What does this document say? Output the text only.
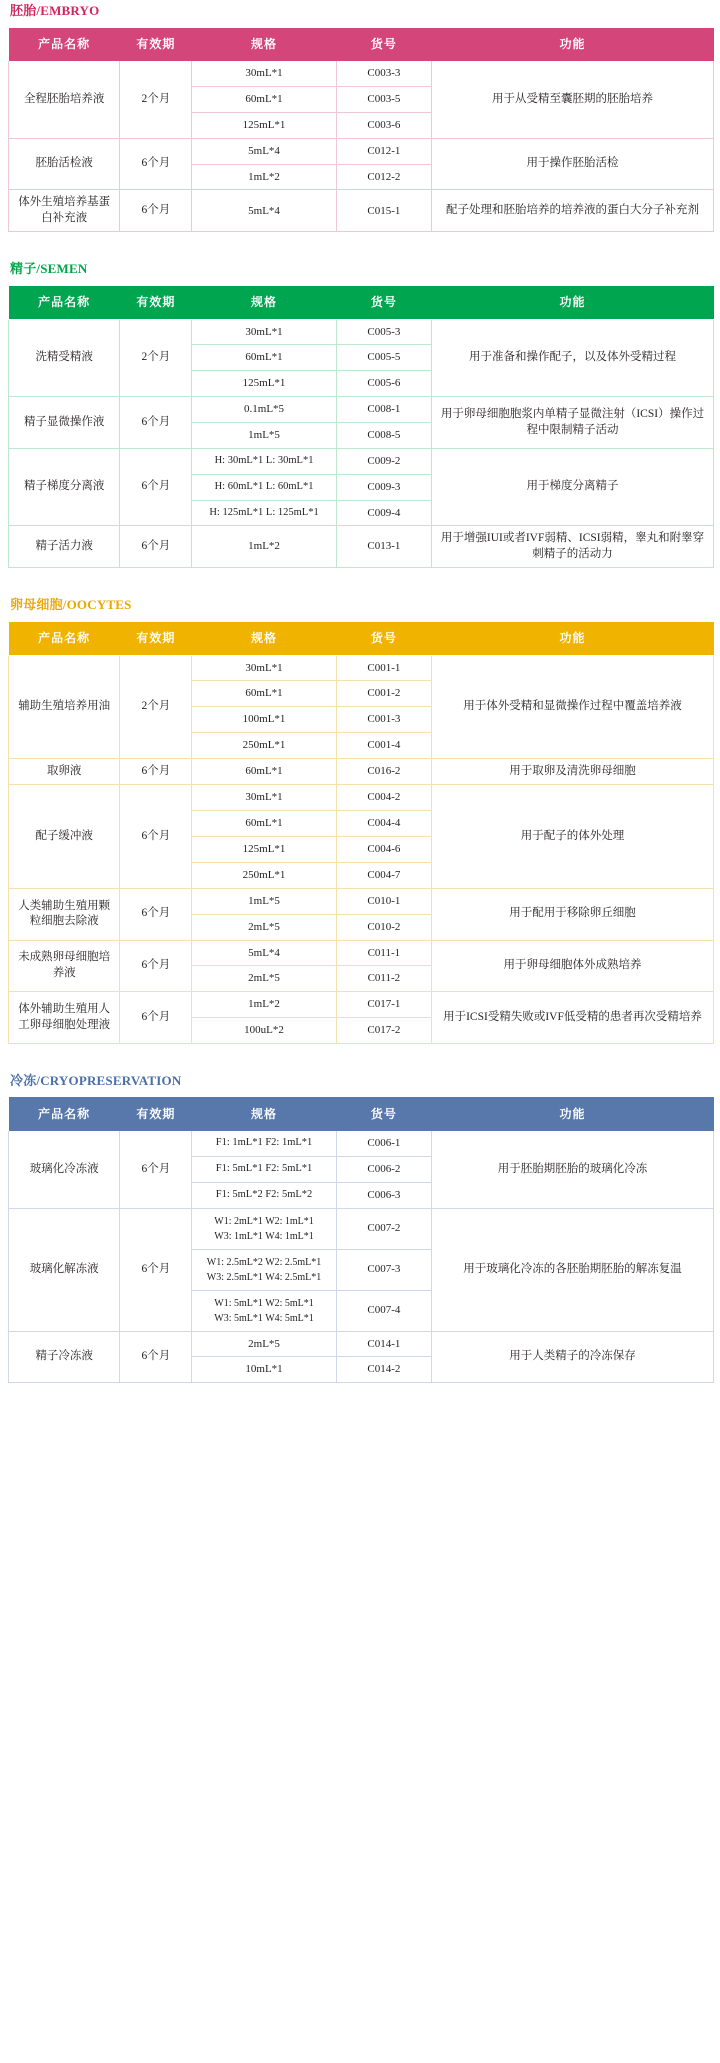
胚胎/EMBRYO
产品名称	有效期	规格	货号	功能
全程胚胎培养液	2个月	30mL*1	C003-3	用于从受精至囊胚期的胚胎培养
		60mL*1	C003-5	
		125mL*1	C003-6	
胚胎活检液	6个月	5mL*4	C012-1	用于操作胚胎活检
		1mL*2	C012-2	
体外生殖培养基蛋白补充液	6个月	5mL*4	C015-1	配子处理和胚胎培养的培养液的蛋白大分子补充剂
精子/SEMEN
产品名称	有效期	规格	货号	功能
洗精受精液	2个月	30mL*1	C005-3	用于准备和操作配子，以及体外受精过程
		60mL*1	C005-5	
		125mL*1	C005-6	
精子显微操作液	6个月	0.1mL*5	C008-1	用于卵母细胞胞浆内单精子显微注射（ICSI）操作过程中限制精子活动
		1mL*5	C008-5	
精子梯度分离液	6个月	H: 30mL*1 L: 30mL*1	C009-2	用于梯度分离精子
		H: 60mL*1 L: 60mL*1	C009-3	
		H: 125mL*1 L: 125mL*1	C009-4	
精子活力液	6个月	1mL*2	C013-1	用于增强IUI或者IVF弱精、ICSI弱精，睾丸和附睾穿刺精子的活动力
卵母细胞/OOCYTES
产品名称	有效期	规格	货号	功能
辅助生殖培养用油	2个月	30mL*1	C001-1	用于体外受精和显微操作过程中覆盖培养液
		60mL*1	C001-2	
		100mL*1	C001-3	
		250mL*1	C001-4	
取卵液	6个月	60mL*1	C016-2	用于取卵及清洗卵母细胞
配子缓冲液	6个月	30mL*1	C004-2	用于配子的体外处理
		60mL*1	C004-4	
		125mL*1	C004-6	
		250mL*1	C004-7	
人类辅助生殖用颗粒细胞去除液	6个月	1mL*5	C010-1	用于配用于移除卵丘细胞
		2mL*5	C010-2	
未成熟卵母细胞培养液	6个月	5mL*4	C011-1	用于卵母细胞体外成熟培养
		2mL*5	C011-2	
体外辅助生殖用人工卵母细胞处理液	6个月	1mL*2	C017-1	用于ICSI受精失败或IVF低受精的患者再次受精培养
		100uL*2	C017-2	
冷冻/CRYOPRESERVATION
产品名称	有效期	规格	货号	功能
玻璃化冷冻液	6个月	F1: 1mL*1 F2: 1mL*1	C006-1	用于胚胎期胚胎的玻璃化冷冻
		F1: 5mL*1 F2: 5mL*1	C006-2	
		F1: 5mL*2 F2: 5mL*2	C006-3	
玻璃化解冻液	6个月	W1: 2mL*1 W2: 1mL*1
W3: 1mL*1 W4: 1mL*1	C007-2	用于玻璃化冷冻的各胚胎期胚胎的解冻复温
		W1: 2.5mL*2 W2: 2.5mL*1
W3: 2.5mL*1 W4: 2.5mL*1	C007-3	
		W1: 5mL*1 W2: 5mL*1
W3: 5mL*1 W4: 5mL*1	C007-4	
精子冷冻液	6个月	2mL*5	C014-1	用于人类精子的冷冻保存
		10mL*1	C014-2	
